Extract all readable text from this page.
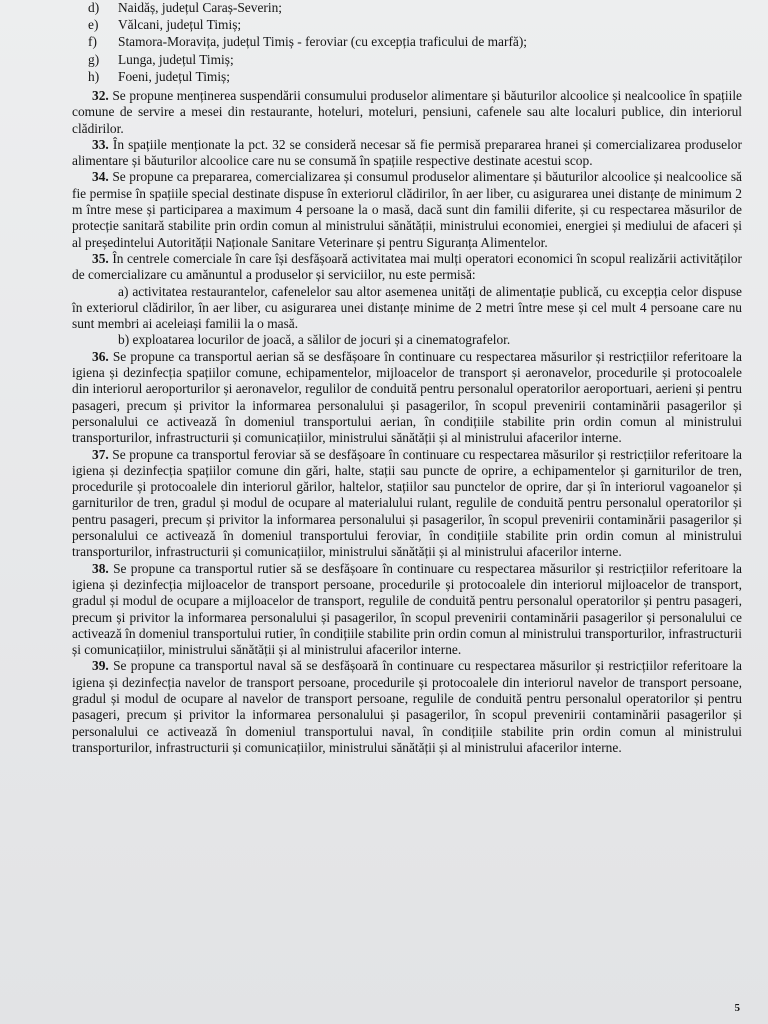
d) Naidăș, județul Caraș-Severin;
e) Vălcani, județul Timiș;
f) Stamora-Moravița, județul Timiș - feroviar (cu excepția traficului de marfă);
g) Lunga, județul Timiș;
h) Foeni, județul Timiș;

32. Se propune menținerea suspendării consumului produselor alimentare și băuturilor alcoolice și nealcoolice în spațiile comune de servire a mesei din restaurante, hoteluri, moteluri, pensiuni, cafenele sau alte localuri publice, din interiorul clădirilor.

33. În spațiile menționate la pct. 32 se consideră necesar să fie permisă prepararea hranei și comercializarea produselor alimentare și băuturilor alcoolice care nu se consumă în spațiile respective destinate acestui scop.

34. Se propune ca prepararea, comercializarea și consumul produselor alimentare și băuturilor alcoolice și nealcoolice să fie permise în spațiile special destinate dispuse în exteriorul clădirilor, în aer liber, cu asigurarea unei distanțe de minimum 2 m între mese și participarea a maximum 4 persoane la o masă, dacă sunt din familii diferite, și cu respectarea măsurilor de protecție sanitară stabilite prin ordin comun al ministrului sănătății, ministrului economiei, energiei și mediului de afaceri și al președintelui Autorității Naționale Sanitare Veterinare și pentru Siguranța Alimentelor.

35. În centrele comerciale în care își desfășoară activitatea mai mulți operatori economici în scopul realizării activităților de comercializare cu amănuntul a produselor și serviciilor, nu este permisă:

a) activitatea restaurantelor, cafenelelor sau altor asemenea unități de alimentație publică, cu excepția celor dispuse în exteriorul clădirilor, în aer liber, cu asigurarea unei distanțe minime de 2 metri între mese și cel mult 4 persoane care nu sunt membri ai aceleiași familii la o masă.

b) exploatarea locurilor de joacă, a sălilor de jocuri și a cinematografelor.

36. Se propune ca transportul aerian să se desfășoare în continuare cu respectarea măsurilor și restricțiilor referitoare la igiena și dezinfecția spațiilor comune, echipamentelor, mijloacelor de transport și aeronavelor, procedurile și protocoalele din interiorul aeroporturilor și aeronavelor, regulilor de conduită pentru personalul operatorilor aeroportuari, aerieni și pentru pasageri, precum și privitor la informarea personalului și pasagerilor, în scopul prevenirii contaminării pasagerilor și personalului ce activează în domeniul transportului aerian, în condițiile stabilite prin ordin comun al ministrului transporturilor, infrastructurii și comunicațiilor, ministrului sănătății și al ministrului afacerilor interne.

37. Se propune ca transportul feroviar să se desfășoare în continuare cu respectarea măsurilor și restricțiilor referitoare la igiena și dezinfecția spațiilor comune din gări, halte, stații sau puncte de oprire, a echipamentelor și garniturilor de tren, procedurile și protocoalele din interiorul gărilor, haltelor, stațiilor sau punctelor de oprire, dar și în interiorul vagoanelor și garniturilor de tren, gradul și modul de ocupare al materialului rulant, regulile de conduită pentru personalul operatorilor și pentru pasageri, precum și privitor la informarea personalului și pasagerilor, în scopul prevenirii contaminării pasagerilor și personalului ce activează în domeniul transportului feroviar, în condițiile stabilite prin ordin comun al ministrului transporturilor, infrastructurii și comunicațiilor, ministrului sănătății și al ministrului afacerilor interne.

38. Se propune ca transportul rutier să se desfășoare în continuare cu respectarea măsurilor și restricțiilor referitoare la igiena și dezinfecția mijloacelor de transport persoane, procedurile și protocoalele din interiorul mijloacelor de transport, gradul și modul de ocupare a mijloacelor de transport, regulile de conduită pentru personalul operatorilor și pentru pasageri, precum și privitor la informarea personalului și pasagerilor, în scopul prevenirii contaminării pasagerilor și personalului ce activează în domeniul transportului rutier, în condițiile stabilite prin ordin comun al ministrului transporturilor, infrastructurii și comunicațiilor, ministrului sănătății și al ministrului afacerilor interne.

39. Se propune ca transportul naval să se desfășoară în continuare cu respectarea măsurilor și restricțiilor referitoare la igiena și dezinfecția navelor de transport persoane, procedurile și protocoalele din interiorul navelor de transport persoane, gradul și modul de ocupare al navelor de transport persoane, regulile de conduită pentru personalul operatorilor și pentru pasageri, precum și privitor la informarea personalului și pasagerilor, în scopul prevenirii contaminării pasagerilor și personalului ce activează în domeniul transportului naval, în condițiile stabilite prin ordin comun al ministrului transporturilor, infrastructurii și comunicațiilor, ministrului sănătății și al ministrului afacerilor interne.

5
